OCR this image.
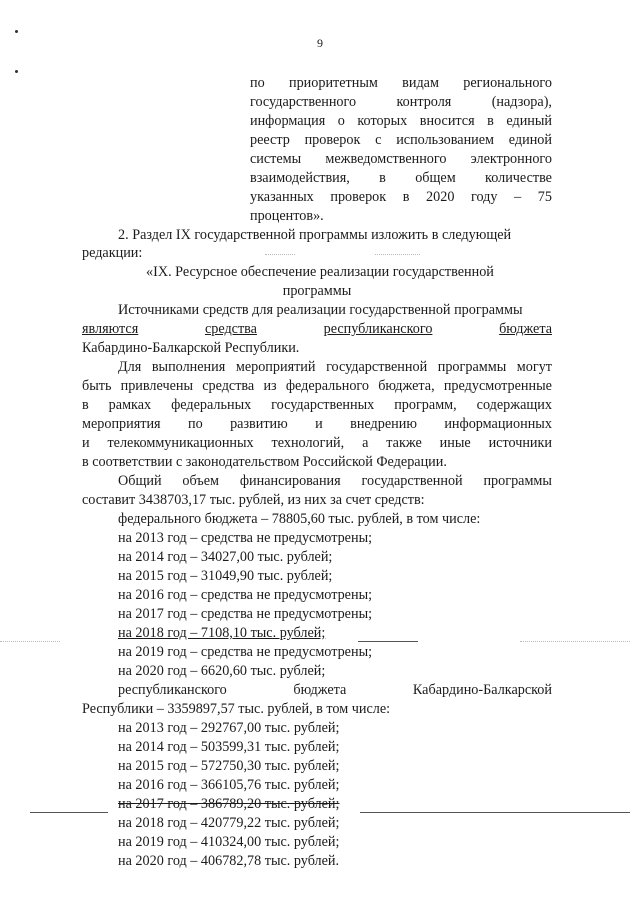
9
по приоритетным видам регионального
государственного	контроля	(надзора),
информация о которых вносится в единый
реестр проверок с использованием единой
системы межведомственного электронного
взаимодействия, в общем количестве
указанных проверок в 2020 году – 75
процентов».
2. Раздел IX государственной программы изложить в следующей
редакции:
«IX. Ресурсное обеспечение реализации государственной
программы
Источниками средств для реализации государственной программы
являются	средства	республиканского	бюджета
Кабардино-Балкарской Республики.
Для выполнения мероприятий государственной программы могут
быть привлечены средства из федерального бюджета, предусмотренные
в рамках федеральных государственных программ, содержащих
мероприятия по развитию и внедрению информационных
и телекоммуникационных технологий, а также иные источники
в соответствии с законодательством Российской Федерации.
Общий объем финансирования государственной программы
составит 3438703,17 тыс. рублей, из них за счет средств:
федерального бюджета – 78805,60 тыс. рублей, в том числе:
на 2013 год – средства не предусмотрены;
на 2014 год – 34027,00 тыс. рублей;
на 2015 год – 31049,90 тыс. рублей;
на 2016 год – средства не предусмотрены;
на 2017 год – средства не предусмотрены;
на 2018 год – 7108,10 тыс. рублей;
на 2019 год – средства не предусмотрены;
на 2020 год – 6620,60 тыс. рублей;
республиканского	бюджета	Кабардино-Балкарской
Республики – 3359897,57 тыс. рублей, в том числе:
на 2013 год – 292767,00 тыс. рублей;
на 2014 год – 503599,31 тыс. рублей;
на 2015 год – 572750,30 тыс. рублей;
на 2016 год – 366105,76 тыс. рублей;
на 2017 год – 386789,20 тыс. рублей;
на 2018 год – 420779,22 тыс. рублей;
на 2019 год – 410324,00 тыс. рублей;
на 2020 год – 406782,78 тыс. рублей.
